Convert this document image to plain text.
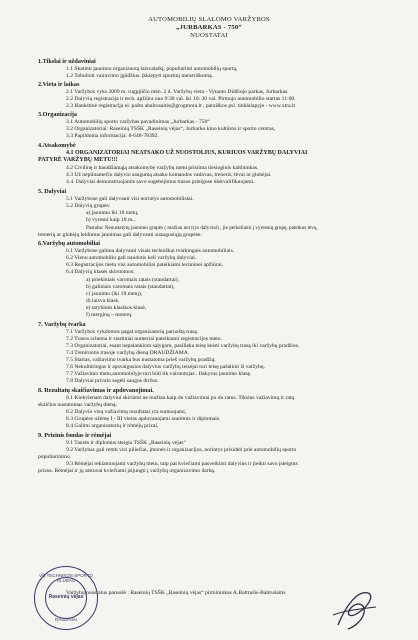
AUTOMOBILIŲ SLALOMO VARŽYBOS
„JURBARKAS - 750“
NUOSTATAI
1.Tikslai ir uždaviniai
1.1 Skatinti jaunimo organizuotą laisvalaikį, populiarinti automobilių sportą,
1.2 Tobulinti vairavimo įgūdžius. Įskiepyti sportinį meistriškumą.
2.Vieta ir laikas
2.1 Varžybos vyks 2009 m. rugpjūčio mėn. 2 d. Varžybų vieta - Vytauto Didžiojo parkas, Jurbarkas.
2.2 Dalyvių registracija ir tech. apžiūra nuo 9:30 val. iki 10: 30 val. Pirmojo automobilio startas 11:00.
2.3 Išankstinė registracija el. paštu abalrusaitis@grogmora.lt , paraiškos psl. tinklalapyje - www.xtra.lt
3.Organizacija
3.1 Automobilių sporto varžybas pavadinimas „Jurbarkas - 750“
3.2 Organizatoriai: Raseinių TSŠK „Raseinių vėjas“, Jurbarko kino kultūros ir sporto centras,
3.3 Papildoma informacija: 8-648-78392.
4.Atsakomybė
4.1 ORGANIZATORIAI NEATSAKO UŽ NUOSTOLIUS, KURIUOS VARŽYBŲ DALYVIAI
PATYRĖ VARŽYBŲ METU!!!
4.2 Civilinę ir baudžiamąją atsakomybę varžybų metu prisiima tiesioginis kaltininkas.
4.3 Už nepilnamečio dalyvio saugumą atsako komandos vadovas, treneris, tėvai ar globėjai.
4.4. Dalyviai demonstruojantis savo sugebėjimus trasos prieigose diskvalifikuojami.
5. Dalyviai
5.1 Varžybose gali dalyvauti visi norintys automobilistai.
5.2 Dalyvių grupės:
a) jaunimo iki 18 metų,
b) vyresni kaip 18 m.,
Pastaba: Nenustatytų jaunimo grupės ( mažiau nei trys dalyviai) , jie perkeliami į vyresnių grupę, pateikus tėvų,
trenerių ar globėjų leidimus jaunimas gali dalyvauti suaugusiųjų grupėse.
6.Varžybų automobiliai
6.1 Varžybose galima dalyvauti visais techniškai tvarkingais automobiliais.
6.2 Vienu automobiliu gali naudotis keli varžybų dalyviai.
6.3 Registracijos metu visi automobiliai pateikiami techninei apžiūrai.
6.4 Dalyvių klasės skirstomos:
a) priekiniais varomais ratais (standartai),
b) galiniais varomais ratais (standartai),
c) jaunimo (iki 18 metų),
d) laisva klasė,
e) tarybinės klasikos klasė,
f) merginų – moterų.
7. Varžybų tvarka
7.1 Varžybos vykdomos pagal organizatorių paruoštą trasą.
7.2 Trasos schema ir startiniai numeriai pateikiami registracijos metu.
7.3 Organizatoriai, esant nepalankiom salygom, pasilieka teisę keisti varžybų trasą iki varžybų pradžios.
7.4 Treniruotis trasoje varžybų dieną DRAUDŽIAMA.
7.5 Startas, važiavimo tvarka bus nustatoma prieš varžybų pradžią.
7.6 Nekultūringas ir apsvaigusius dalyvius varžybų teisėjai turi teisę pašalinti iš varžybų.
7.7 Važiavimo metu,automobilyje turi būti tik vairuotojas . Išskyrus jaunimo klasę.
7.8 Dalyviai privalo segėti saugos diržus.
8. Rezultatų skaičiavimas ir apdovanojimai.
8.1 Kiekvienam dalyviui skiriami ne mažiau kaip du važiavimai po du ratus. Tikslus važiavimų ir ratų
skaičius nustatomas varžybų dieną.
8.2 Dalyvio visų važiavimų rezultatai yra sumuojami,
8.3 Grupėse užėmę I - III vietas apdovanojami taurėmis ir diplomais.
8.4 Galimi organizatorių ir rėmėjų prizai,
9. Prizinis fondas ir rėmėjai
9.1 Taurės ir diplomus steigia TSŠK „Raseinių vėjas“
9.2 Varžybas gali remti visi piliečiai, įmonės ir organizacijos, norintys prisidėti prie automobilių sporto
populiarinimo.
9.3 Rėmėjai reklamuojami varžybų metu, taip pat kviečiami pasveikinti dalyvius ir įteikti savo įsteigtus
prizus. Rėmėjai ir jų atstovai kviečiami įsijungti į varžybų organizavimo darbą.
Varžybų nuostatus paruošė : Raseinių TSŠK „Raseinių vėjas“ pirmininkas A.Baltrušis-Baltrušaitis
VšĮ TECHNIKOS SPORTO KLUBAS
Raseinių vėjas
RASEINIAI
